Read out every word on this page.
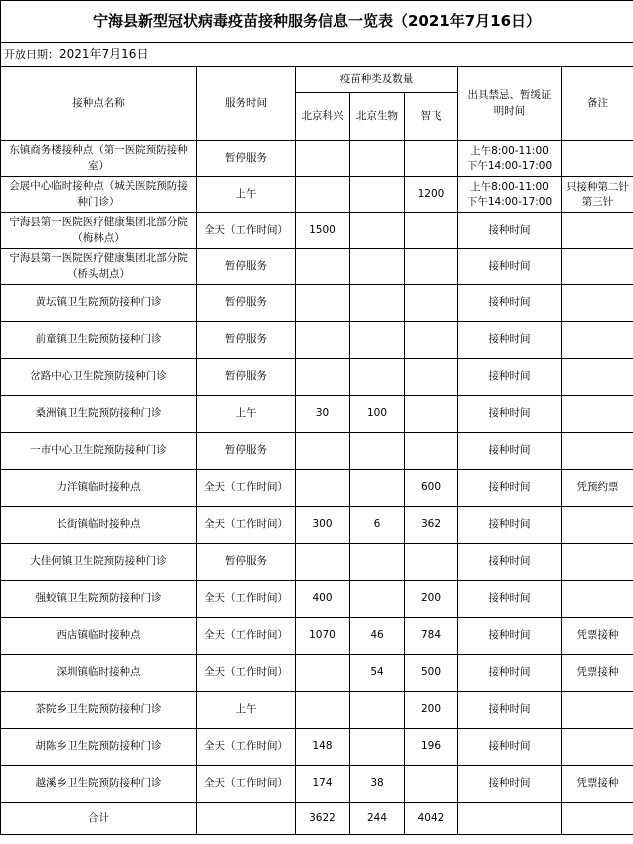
宁海县新型冠状病毒疫苗接种服务信息一览表（2021年7月16日）						
开放日期：2021年7月16日						
接种点名称	服务时间	疫苗种类及数量			出具禁忌、暂缓证明时间	备注
		北京科兴	北京生物	智飞		
东镇商务楼接种点（第一医院预防接种室）	暂停服务				上午8:00-11:00
下午14:00-17:00	
会展中心临时接种点（城关医院预防接种门诊）	上午			1200	上午8:00-11:00
下午14:00-17:00	只接种第二针第三针
宁海县第一医院医疗健康集团北部分院（梅林点）	全天（工作时间）	1500			接种时间	
宁海县第一医院医疗健康集团北部分院（桥头胡点）	暂停服务				接种时间	
黄坛镇卫生院预防接种门诊	暂停服务				接种时间	
前童镇卫生院预防接种门诊	暂停服务				接种时间	
岔路中心卫生院预防接种门诊	暂停服务				接种时间	
桑洲镇卫生院预防接种门诊	上午	30	100		接种时间	
一市中心卫生院预防接种门诊	暂停服务				接种时间	
力洋镇临时接种点	全天（工作时间）			600	接种时间	凭预约票
长街镇临时接种点	全天（工作时间）	300	6	362	接种时间	
大佳何镇卫生院预防接种门诊	暂停服务				接种时间	
强蛟镇卫生院预防接种门诊	全天（工作时间）	400		200	接种时间	
西店镇临时接种点	全天（工作时间）	1070	46	784	接种时间	凭票接种
深圳镇临时接种点	全天（工作时间）		54	500	接种时间	凭票接种
茶院乡卫生院预防接种门诊	上午			200	接种时间	
胡陈乡卫生院预防接种门诊	全天（工作时间）	148		196	接种时间	
越溪乡卫生院预防接种门诊	全天（工作时间）	174	38		接种时间	凭票接种
合计		3622	244	4042		
